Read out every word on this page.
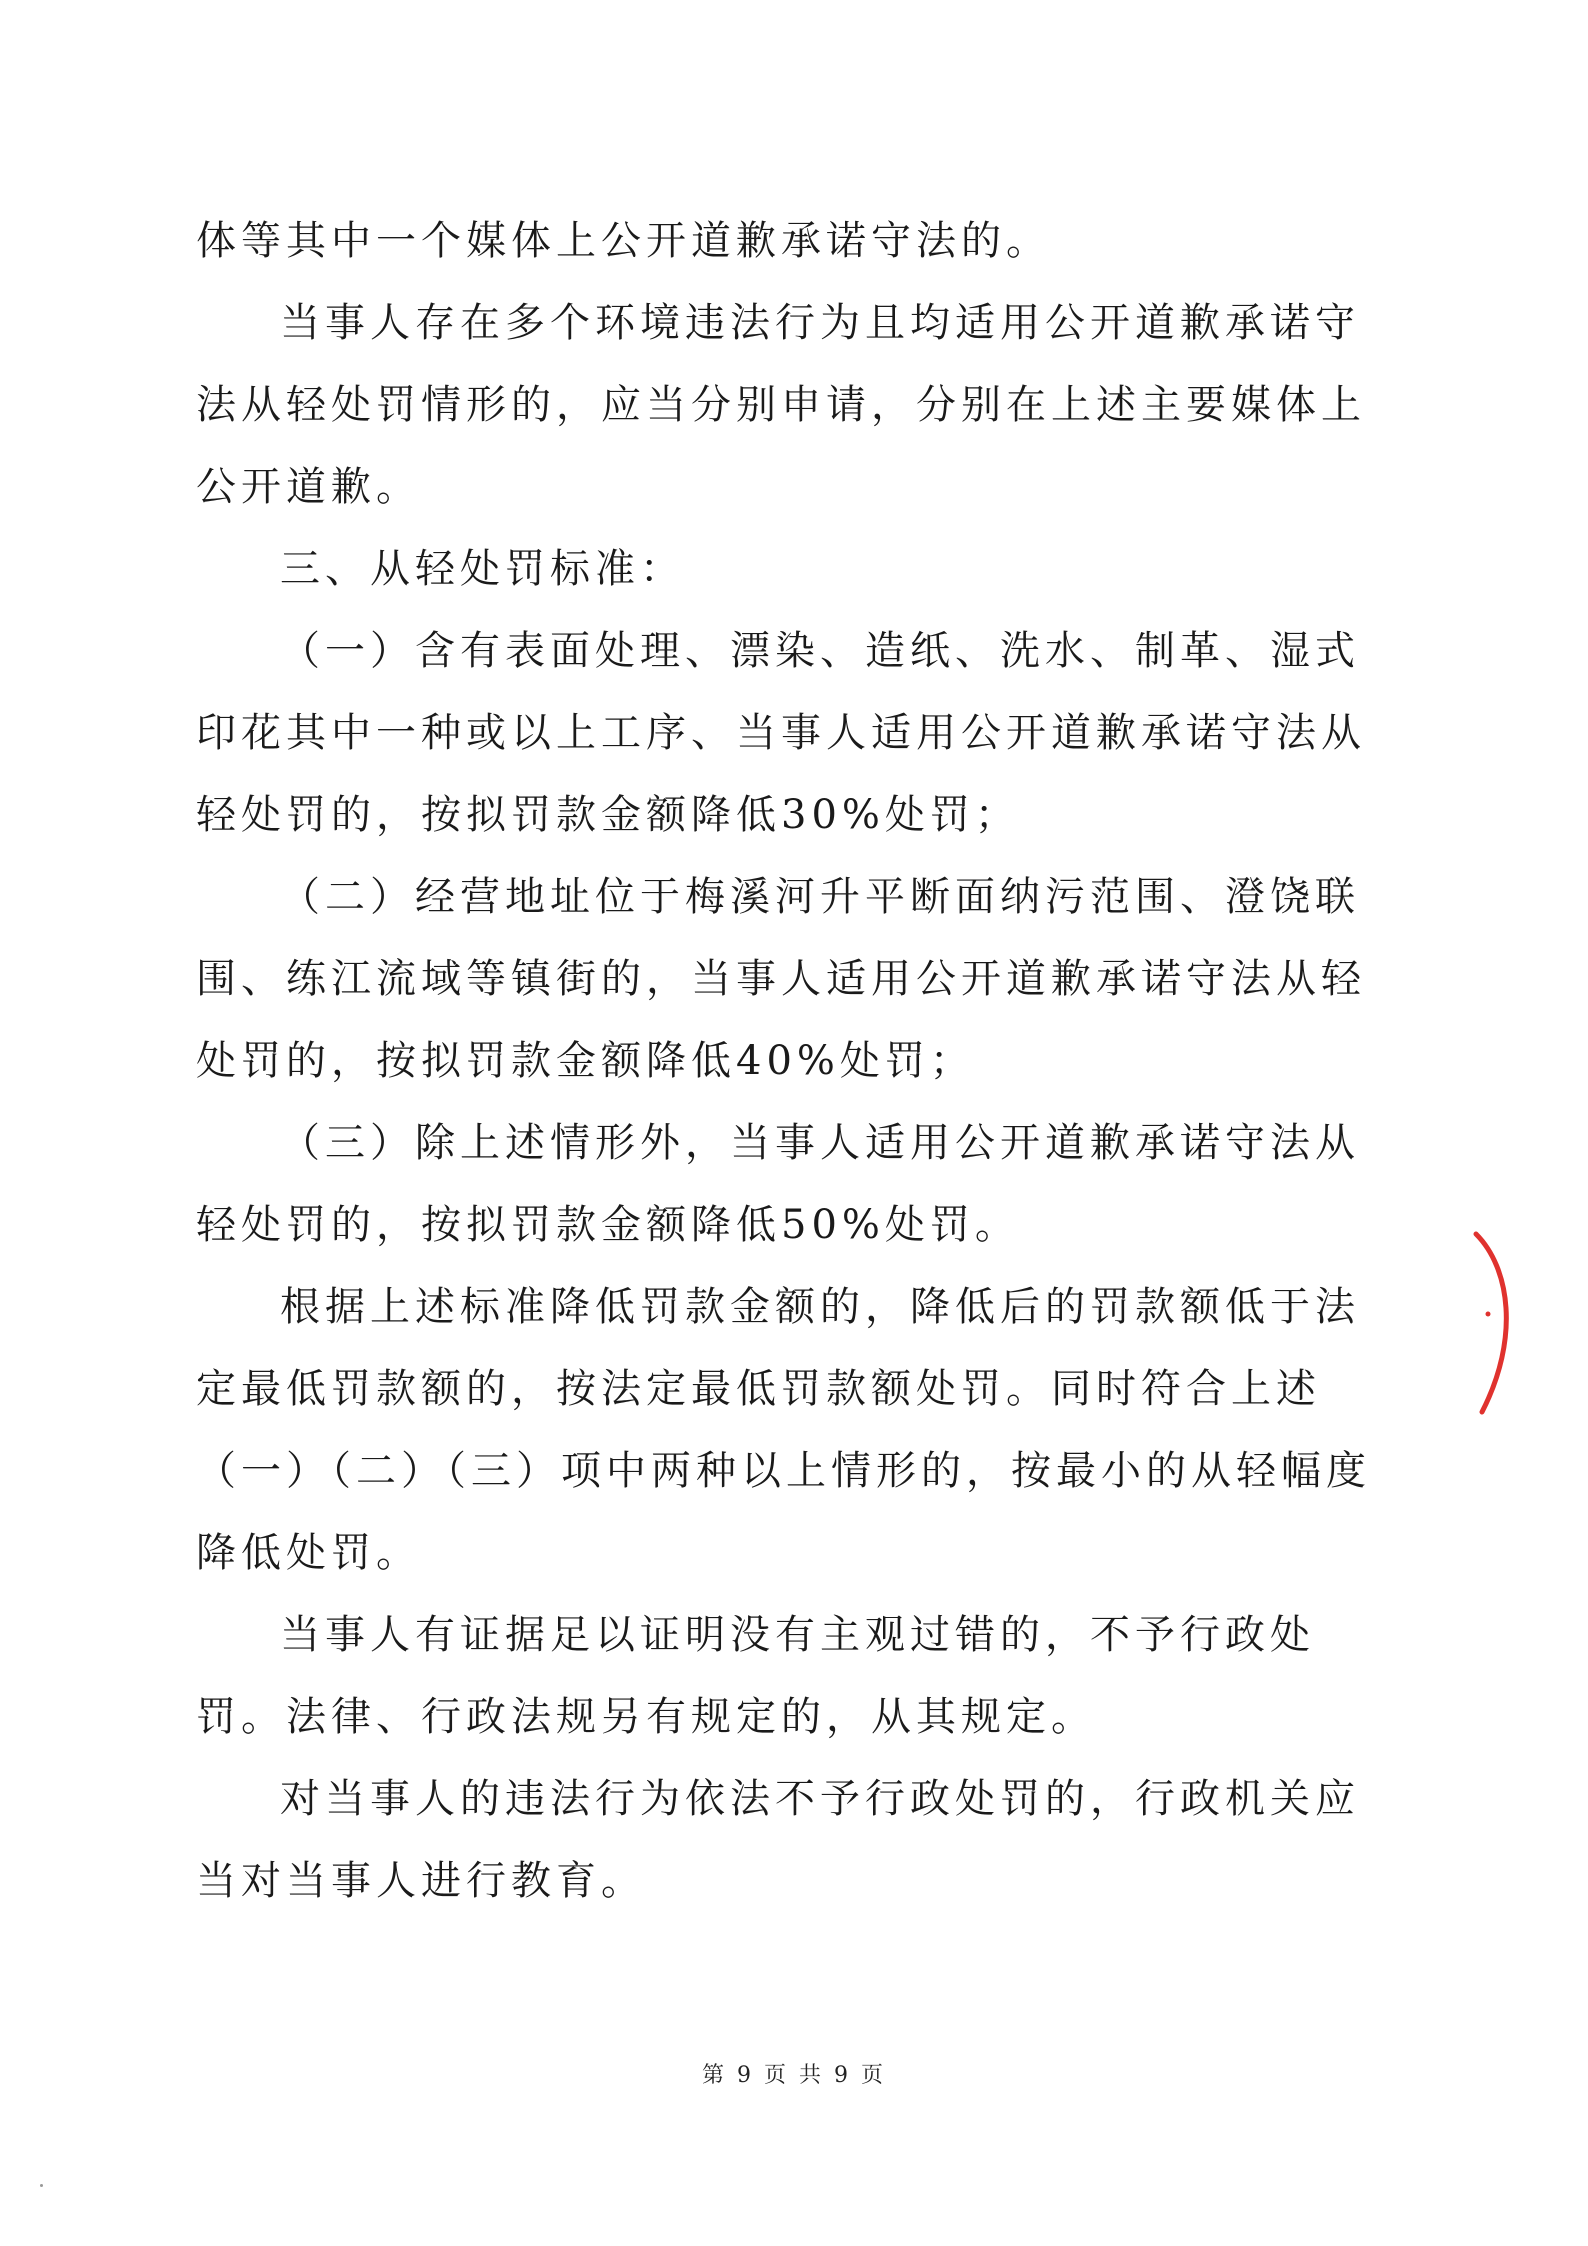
体等其中一个媒体上公开道歉承诺守法的。

当事人存在多个环境违法行为且均适用公开道歉承诺守法从轻处罚情形的，应当分别申请，分别在上述主要媒体上公开道歉。

三、从轻处罚标准：

（一）含有表面处理、漂染、造纸、洗水、制革、湿式印花其中一种或以上工序、当事人适用公开道歉承诺守法从轻处罚的，按拟罚款金额降低30%处罚；

（二）经营地址位于梅溪河升平断面纳污范围、澄饶联围、练江流域等镇街的，当事人适用公开道歉承诺守法从轻处罚的，按拟罚款金额降低40%处罚；

（三）除上述情形外，当事人适用公开道歉承诺守法从轻处罚的，按拟罚款金额降低50%处罚。

根据上述标准降低罚款金额的，降低后的罚款额低于法定最低罚款额的，按法定最低罚款额处罚。同时符合上述（一）（二）（三）项中两种以上情形的，按最小的从轻幅度降低处罚。

当事人有证据足以证明没有主观过错的，不予行政处罚。法律、行政法规另有规定的，从其规定。

对当事人的违法行为依法不予行政处罚的，行政机关应当对当事人进行教育。

第 9 页 共 9 页
